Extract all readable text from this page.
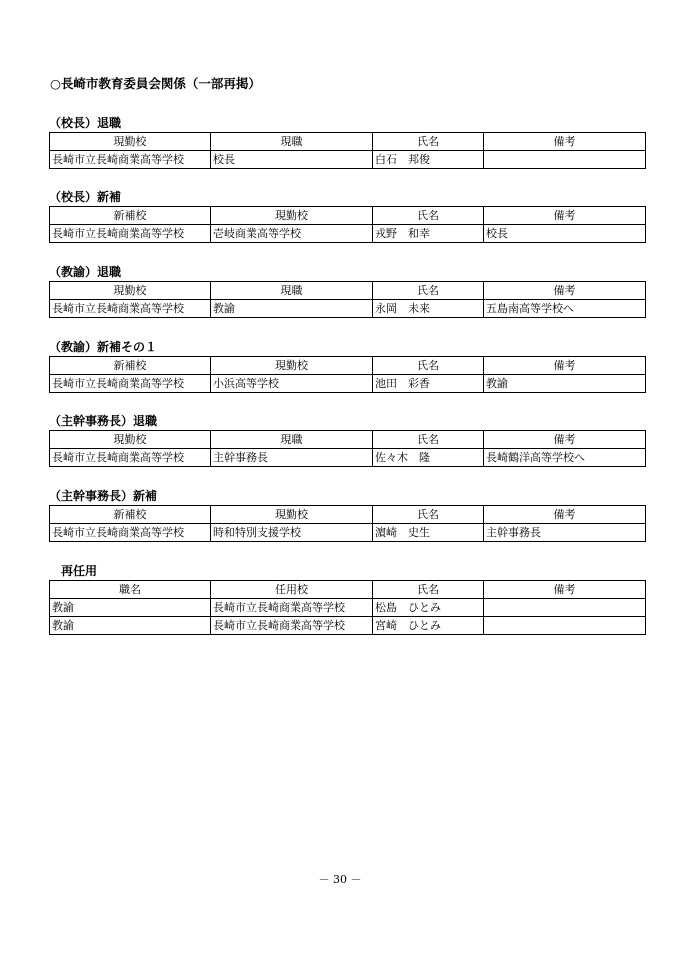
○長崎市教育委員会関係（一部再掲）
（校長）退職
現勤校	現職	氏名	備考
長崎市立長崎商業高等学校	校長	白石　邦俊	
（校長）新補
新補校	現勤校	氏名	備考
長崎市立長崎商業高等学校	壱岐商業高等学校	戎野　和幸	校長
（教諭）退職
現勤校	現職	氏名	備考
長崎市立長崎商業高等学校	教諭	永岡　未来	五島南高等学校へ
（教諭）新補その１
新補校	現勤校	氏名	備考
長崎市立長崎商業高等学校	小浜高等学校	池田　彩香	教諭
（主幹事務長）退職
現勤校	現職	氏名	備考
長崎市立長崎商業高等学校	主幹事務長	佐々木　隆	長崎鶴洋高等学校へ
（主幹事務長）新補
新補校	現勤校	氏名	備考
長崎市立長崎商業高等学校	時和特別支援学校	濵崎　史生	主幹事務長
　再任用
職名	任用校	氏名	備考
教諭	長崎市立長崎商業高等学校	松島　ひとみ	
教諭	長崎市立長崎商業高等学校	宮崎　ひとみ	
－ 30 －
